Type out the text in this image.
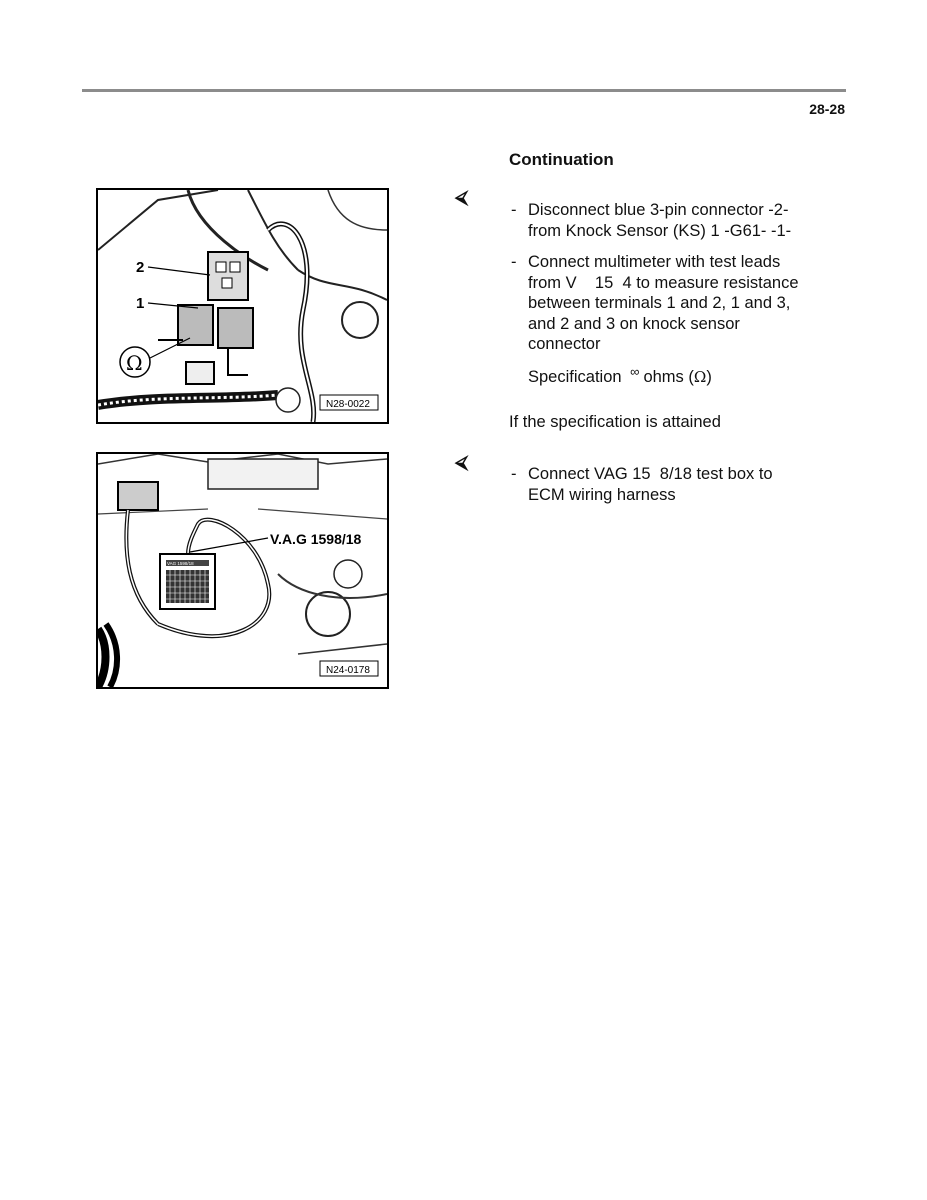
28-28
Continuation
2
1
Ω
N28-0022
V.A.G 1598/18
VAG 1598/18
N24-0178
⮘
⮘
- Disconnect blue 3-pin connector -2-
from Knock Sensor (KS) 1 -G61- -1-
- Connect multimeter with test leads
from V    15  4 to measure resistance
between terminals 1 and 2, 1 and 3,
and 2 and 3 on knock sensor
connector
Specification ∞ ohms (Ω)
If the specification is attained
- Connect VAG 15  8/18 test box to
ECM wiring harness
